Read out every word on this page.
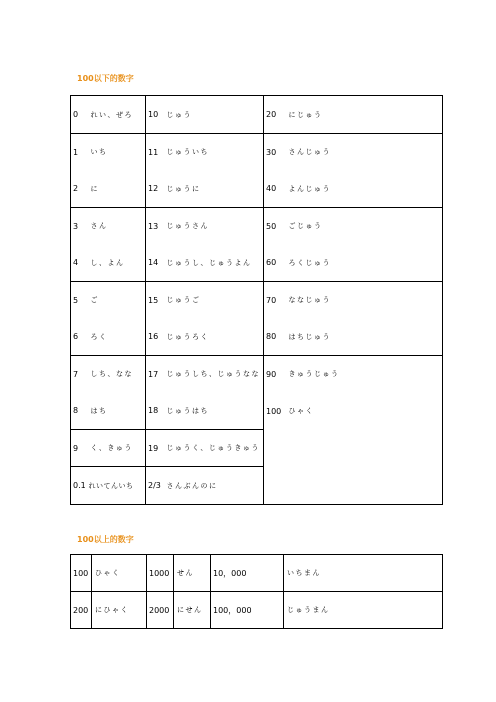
100以下的数字
0	れい、ぜろ	10	じゅう	20	にじゅう
1	いち	11	じゅういち	30	さんじゅう
2	に	12	じゅうに	40	よんじゅう
3	さん	13	じゅうさん	50	ごじゅう
4	し、よん	14	じゅうし、じゅうよん	60	ろくじゅう
5	ご	15	じゅうご	70	ななじゅう
6	ろく	16	じゅうろく	80	はちじゅう
7	しち、なな	17	じゅうしち、じゅうなな	90	きゅうじゅう
8	はち	18	じゅうはち	100	ひゃく
9	く、きゅう	19	じゅうく、じゅうきゅう		
0.1	れいてんいち	2/3	さんぶんのに		
100以上的数字
100	ひゃく	1000	せん	10，000	いちまん
200	にひゃく	2000	にせん	100，000	じゅうまん
